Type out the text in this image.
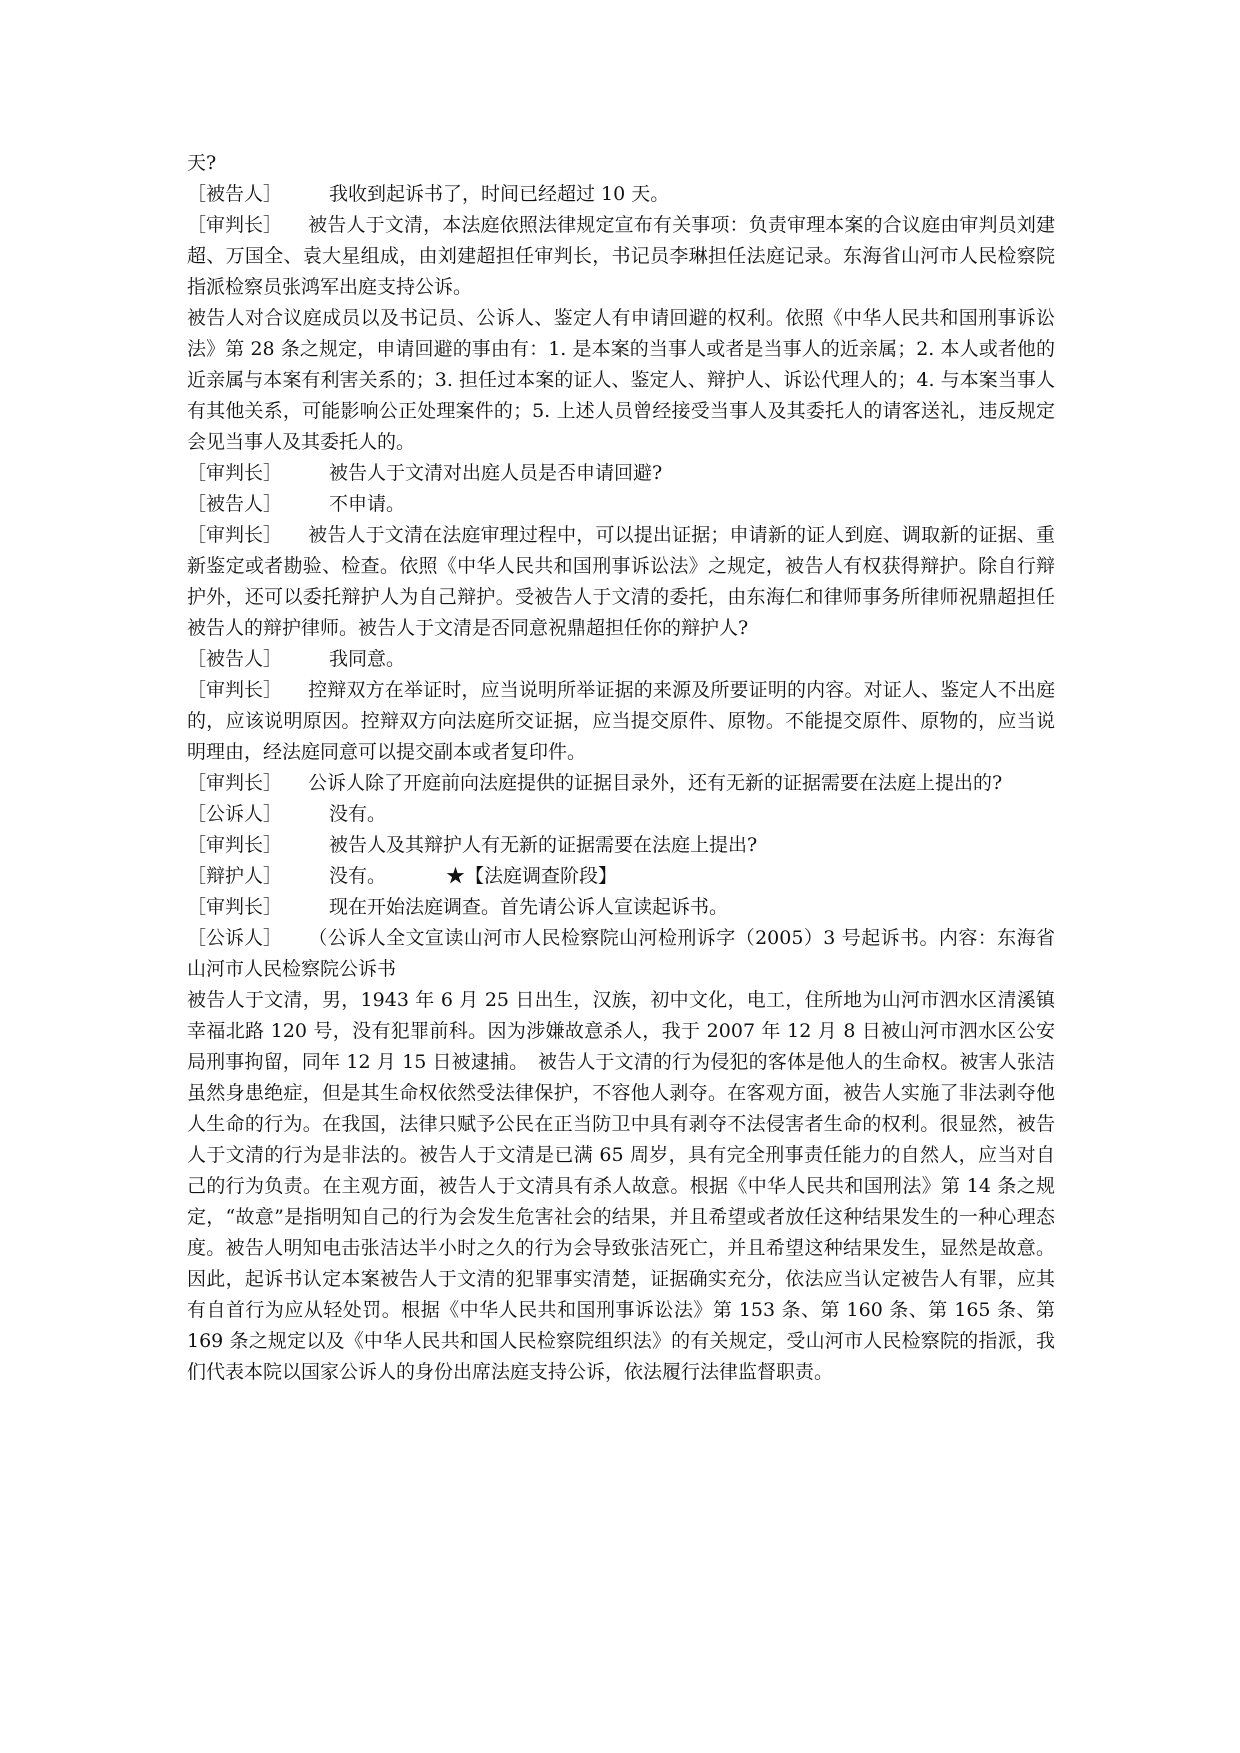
天?

［被告人］ 我收到起诉书了，时间已经超过 10 天。

［审判长］ 被告人于文清，本法庭依照法律规定宣布有关事项：负责审理本案的合议庭由审判员刘建超、万国全、袁大星组成，由刘建超担任审判长，书记员李琳担任法庭记录。东海省山河市人民检察院指派检察员张鸿军出庭支持公诉。

被告人对合议庭成员以及书记员、公诉人、鉴定人有申请回避的权利。依照《中华人民共和国刑事诉讼法》第 28 条之规定，申请回避的事由有：1. 是本案的当事人或者是当事人的近亲属；2. 本人或者他的近亲属与本案有利害关系的；3. 担任过本案的证人、鉴定人、辩护人、诉讼代理人的；4. 与本案当事人有其他关系，可能影响公正处理案件的；5. 上述人员曾经接受当事人及其委托人的请客送礼，违反规定会见当事人及其委托人的。

［审判长］ 被告人于文清对出庭人员是否申请回避?

［被告人］ 不申请。

［审判长］ 被告人于文清在法庭审理过程中，可以提出证据；申请新的证人到庭、调取新的证据、重新鉴定或者勘验、检查。依照《中华人民共和国刑事诉讼法》之规定，被告人有权获得辩护。除自行辩护外，还可以委托辩护人为自己辩护。受被告人于文清的委托，由东海仁和律师事务所律师祝鼎超担任被告人的辩护律师。被告人于文清是否同意祝鼎超担任你的辩护人?

［被告人］ 我同意。

［审判长］ 控辩双方在举证时，应当说明所举证据的来源及所要证明的内容。对证人、鉴定人不出庭的，应该说明原因。控辩双方向法庭所交证据，应当提交原件、原物。不能提交原件、原物的，应当说明理由，经法庭同意可以提交副本或者复印件。

［审判长］ 公诉人除了开庭前向法庭提供的证据目录外，还有无新的证据需要在法庭上提出的?

［公诉人］ 没有。

［审判长］ 被告人及其辩护人有无新的证据需要在法庭上提出?

［辩护人］ 没有。	★【法庭调查阶段】

［审判长］ 现在开始法庭调查。首先请公诉人宣读起诉书。

［公诉人］ （公诉人全文宣读山河市人民检察院山河检刑诉字（2005）3 号起诉书。内容：东海省山河市人民检察院公诉书

被告人于文清，男，1943 年 6 月 25 日出生，汉族，初中文化，电工，住所地为山河市泗水区清溪镇幸福北路 120 号，没有犯罪前科。因为涉嫌故意杀人，我于 2007 年 12 月 8 日被山河市泗水区公安局刑事拘留，同年 12 月 15 日被逮捕。　被告人于文清的行为侵犯的客体是他人的生命权。被害人张洁虽然身患绝症，但是其生命权依然受法律保护，不容他人剥夺。在客观方面，被告人实施了非法剥夺他人生命的行为。在我国，法律只赋予公民在正当防卫中具有剥夺不法侵害者生命的权利。很显然，被告人于文清的行为是非法的。被告人于文清是已满 65 周岁，具有完全刑事责任能力的自然人，应当对自己的行为负责。在主观方面，被告人于文清具有杀人故意。根据《中华人民共和国刑法》第 14 条之规定，“故意”是指明知自己的行为会发生危害社会的结果，并且希望或者放任这种结果发生的一种心理态度。被告人明知电击张洁达半小时之久的行为会导致张洁死亡，并且希望这种结果发生，显然是故意。因此，起诉书认定本案被告人于文清的犯罪事实清楚，证据确实充分，依法应当认定被告人有罪，应其有自首行为应从轻处罚。根据《中华人民共和国刑事诉讼法》第 153 条、第 160 条、第 165 条、第 169 条之规定以及《中华人民共和国人民检察院组织法》的有关规定，受山河市人民检察院的指派，我们代表本院以国家公诉人的身份出席法庭支持公诉，依法履行法律监督职责。
